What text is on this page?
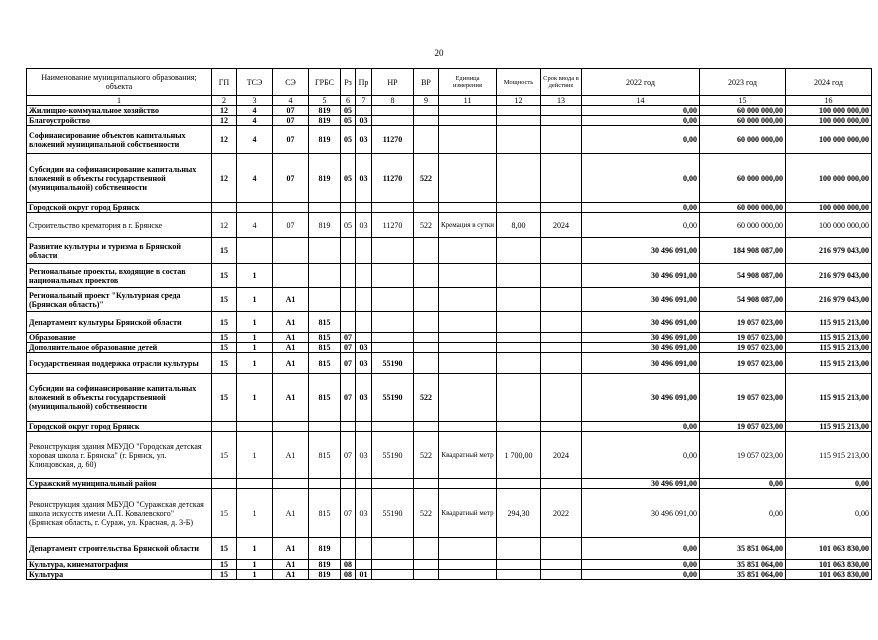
20
Наименование муниципального образования; объекта	ГП	ТСЭ	СЭ	ГРБС	Рз	Пр	НР	ВР	Единица измерения	Мощность	Срок ввода в действие	2022 год	2023 год	2024 год
1	2	3	4	5	6	7	8	9	11	12	13	14	15	16
Жилищно-коммунальное хозяйство	12	4	07	819	05							0,00	60 000 000,00	100 000 000,00
Благоустройство	12	4	07	819	05	03						0,00	60 000 000,00	100 000 000,00
Софинансирование объектов капитальных вложений муниципальной собственности	12	4	07	819	05	03	11270					0,00	60 000 000,00	100 000 000,00
Субсидии на софинансирование капитальных вложений в объекты государственной (муниципальной) собственности	12	4	07	819	05	03	11270	522				0,00	60 000 000,00	100 000 000,00
Городской округ город Брянск												0,00	60 000 000,00	100 000 000,00
Строительство крематория в г. Брянске	12	4	07	819	05	03	11270	522	Кремация в сутки	8,00	2024	0,00	60 000 000,00	100 000 000,00
Развитие культуры и туризма в Брянской области	15											30 496 091,00	184 908 087,00	216 979 043,00
Региональные проекты, входящие в состав национальных проектов	15	1										30 496 091,00	54 908 087,00	216 979 043,00
Региональный проект "Культурная среда (Брянская область)"	15	1	А1									30 496 091,00	54 908 087,00	216 979 043,00
Департамент культуры Брянской области	15	1	А1	815								30 496 091,00	19 057 023,00	115 915 213,00
Образование	15	1	А1	815	07							30 496 091,00	19 057 023,00	115 915 213,00
Дополнительное образование детей	15	1	А1	815	07	03						30 496 091,00	19 057 023,00	115 915 213,00
Государственная поддержка отрасли культуры	15	1	А1	815	07	03	55190					30 496 091,00	19 057 023,00	115 915 213,00
Субсидии на софинансирование капитальных вложений в объекты государственной (муниципальной) собственности	15	1	А1	815	07	03	55190	522				30 496 091,00	19 057 023,00	115 915 213,00
Городской округ город Брянск												0,00	19 057 023,00	115 915 213,00
Реконструкция здания МБУДО "Городская детская хоровая школа г. Брянска" (г. Брянск, ул. Клинцовская, д. 60)	15	1	А1	815	07	03	55190	522	Квадратный метр	1 700,00	2024	0,00	19 057 023,00	115 915 213,00
Суражский муниципальный район												30 496 091,00	0,00	0,00
Реконструкция здания МБУДО "Суражская детская школа искусств имени А.П. Ковалевского" (Брянская область, г. Сураж, ул. Красная, д. 3-Б)	15	1	А1	815	07	03	55190	522	Квадратный метр	294,30	2022	30 496 091,00	0,00	0,00
Департамент строительства Брянской области	15	1	А1	819								0,00	35 851 064,00	101 063 830,00
Культура, кинематография	15	1	А1	819	08							0,00	35 851 064,00	101 063 830,00
Культура	15	1	А1	819	08	01						0,00	35 851 064,00	101 063 830,00
